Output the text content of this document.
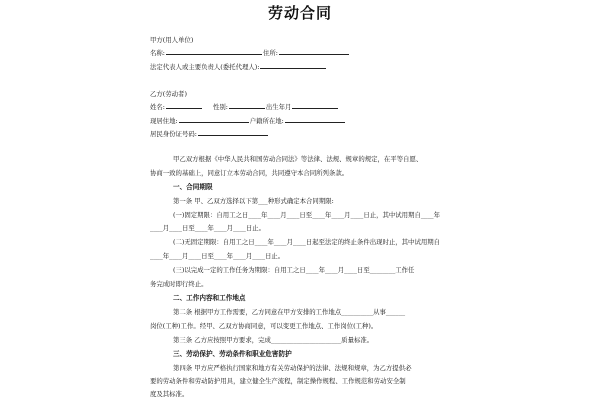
劳动合同
甲方(用人单位)
名称:	住所:
法定代表人或主要负责人(委托代理人):
乙方(劳动者)
姓名:	性别:	出生年月
现居住地:	户籍所在地:
居民身份证号码:
甲乙双方根据《中华人民共和国劳动合同法》等法律、法规、规章的规定，在平等自愿、
协商一致的基础上，同意订立本劳动合同，共同遵守本合同所列条款。
一、合同期限
第一条 甲、乙双方选择以下第___种形式确定本合同期限:
(一)固定期限：自用工之日____年____月____日至____年____月____日止，其中试用期自____年
____月____日至____年____月____日止。
(二)无固定期限：自用工之日____年____月____日起至法定的终止条件出现时止，其中试用期自
____年____月____日至____年____月____日止。
(三)以完成一定的工作任务为期限：自用工之日____年____月____日至________工作任
务完成时即行终止。
二、工作内容和工作地点
第二条 根据甲方工作需要，乙方同意在甲方安排的工作地点__________从事______
岗位(工种)工作。经甲、乙双方协商同意，可以变更工作地点、工作岗位(工种)。
第三条 乙方应按照甲方要求，完成______________________质量标准。
三、劳动保护、劳动条件和职业危害防护
第四条 甲方应严格执行国家和地方有关劳动保护的法律、法规和规章，为乙方提供必
要的劳动条件和劳动防护用具，建立健全生产流程，制定操作规程、工作规范和劳动安全制
度及其标准。
